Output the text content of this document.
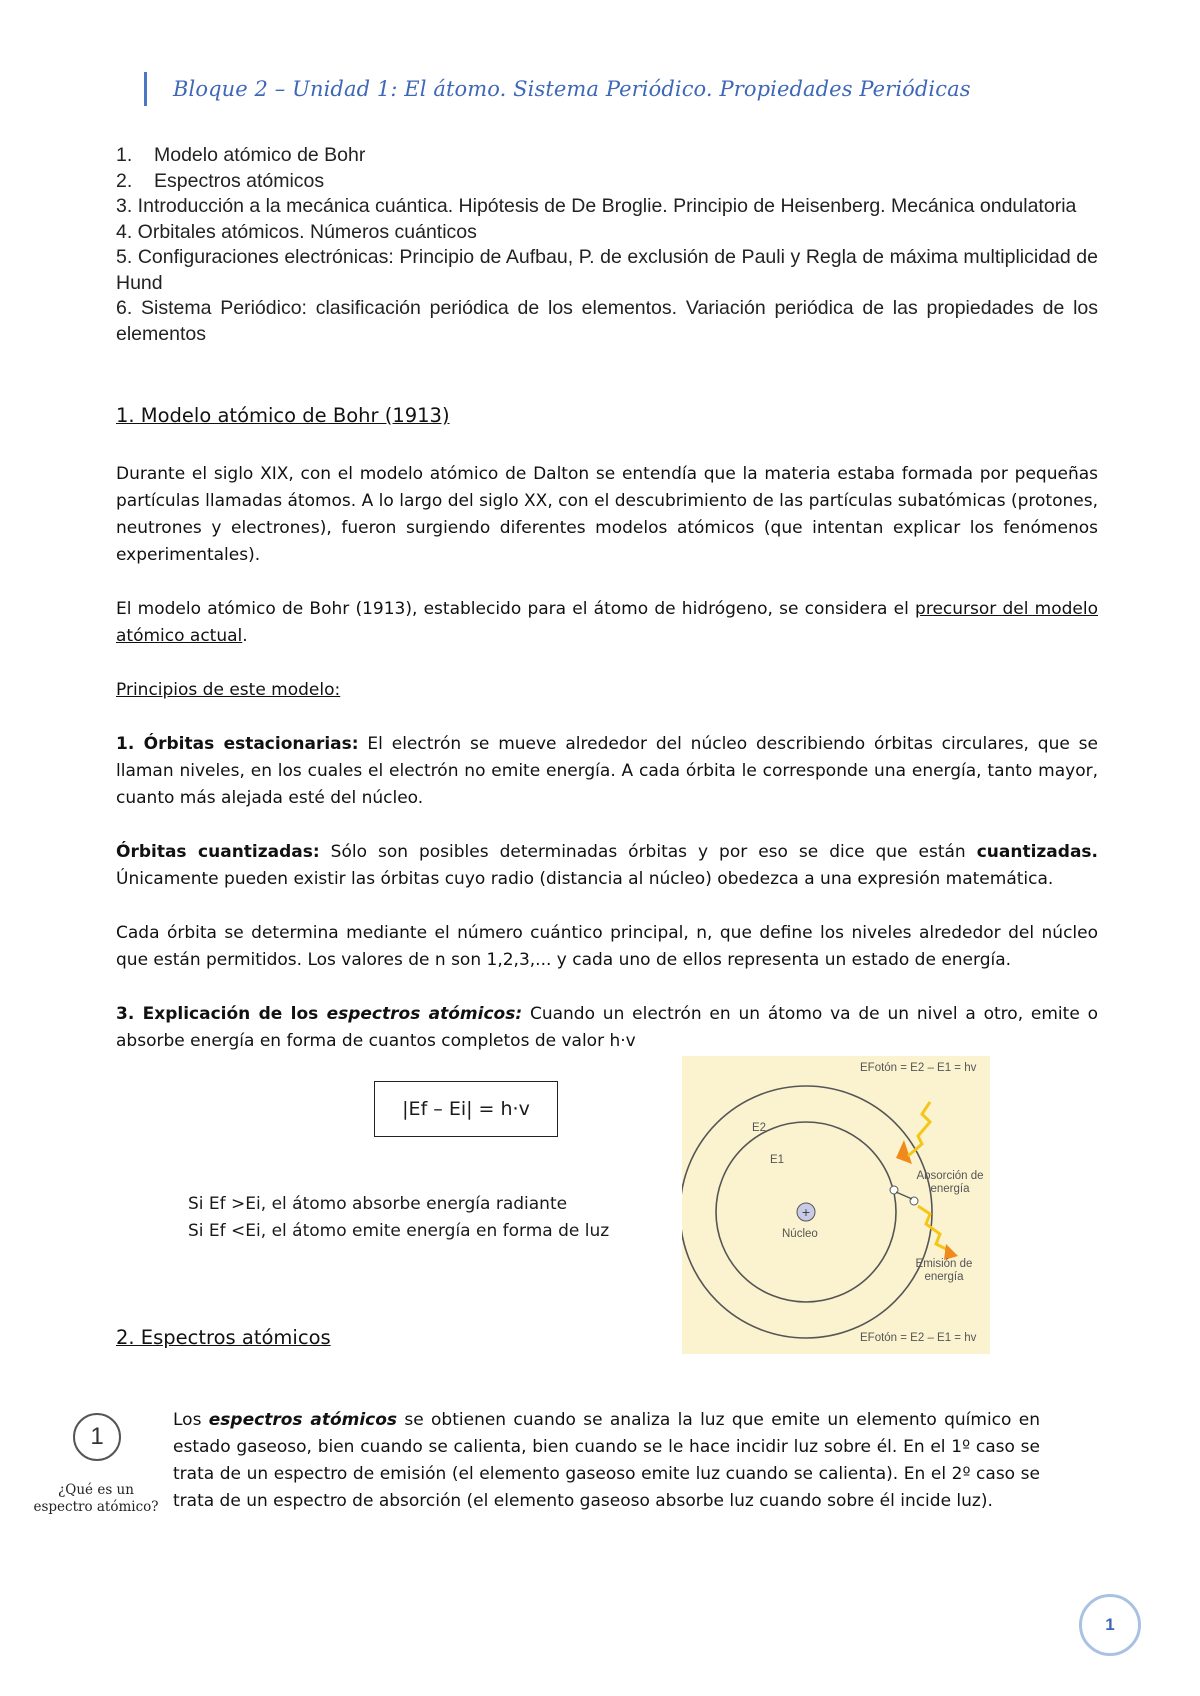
Bloque 2 – Unidad 1: El átomo. Sistema Periódico. Propiedades Periódicas
1. Modelo atómico de Bohr
2. Espectros atómicos
3. Introducción a la mecánica cuántica. Hipótesis de De Broglie. Principio de Heisenberg. Mecánica ondulatoria
4. Orbitales atómicos. Números cuánticos
5. Configuraciones electrónicas: Principio de Aufbau, P. de exclusión de Pauli y Regla de máxima multiplicidad de Hund
6. Sistema Periódico: clasificación periódica de los elementos. Variación periódica de las propiedades de los elementos
1. Modelo atómico de Bohr (1913)
Durante el siglo XIX, con el modelo atómico de Dalton se entendía que la materia estaba formada por pequeñas partículas llamadas átomos. A lo largo del siglo XX, con el descubrimiento de las partículas subatómicas (protones, neutrones y electrones), fueron surgiendo diferentes modelos atómicos (que intentan explicar los fenómenos experimentales).
El modelo atómico de Bohr (1913), establecido para el átomo de hidrógeno, se considera el precursor del modelo atómico actual.
Principios de este modelo:
1. Órbitas estacionarias: El electrón se mueve alrededor del núcleo describiendo órbitas circulares, que se llaman niveles, en los cuales el electrón no emite energía. A cada órbita le corresponde una energía, tanto mayor, cuanto más alejada esté del núcleo.
Órbitas cuantizadas: Sólo son posibles determinadas órbitas y por eso se dice que están cuantizadas. Únicamente pueden existir las órbitas cuyo radio (distancia al núcleo) obedezca a una expresión matemática.
Cada órbita se determina mediante el número cuántico principal, n, que define los niveles alrededor del núcleo que están permitidos. Los valores de n son 1,2,3,... y cada uno de ellos representa un estado de energía.
3. Explicación de los espectros atómicos: Cuando un electrón en un átomo va de un nivel a otro, emite o absorbe energía en forma de cuantos completos de valor h·v
|Ef – Ei| = h·v
Si Ef >Ei, el átomo absorbe energía radiante
Si Ef <Ei, el átomo emite energía en forma de luz
+
EFotón = E2 – E1 = hv
E2
E1
Núcleo
Absorción de energía
Emisión de energía
EFotón = E2 – E1 = hv
2. Espectros atómicos
1
¿Qué es un espectro atómico?
Los espectros atómicos se obtienen cuando se analiza la luz que emite un elemento químico en estado gaseoso, bien cuando se calienta, bien cuando se le hace incidir luz sobre él. En el 1º caso se trata de un espectro de emisión (el elemento gaseoso emite luz cuando se calienta). En el 2º caso se trata de un espectro de absorción (el elemento gaseoso absorbe luz cuando sobre él incide luz).
1
